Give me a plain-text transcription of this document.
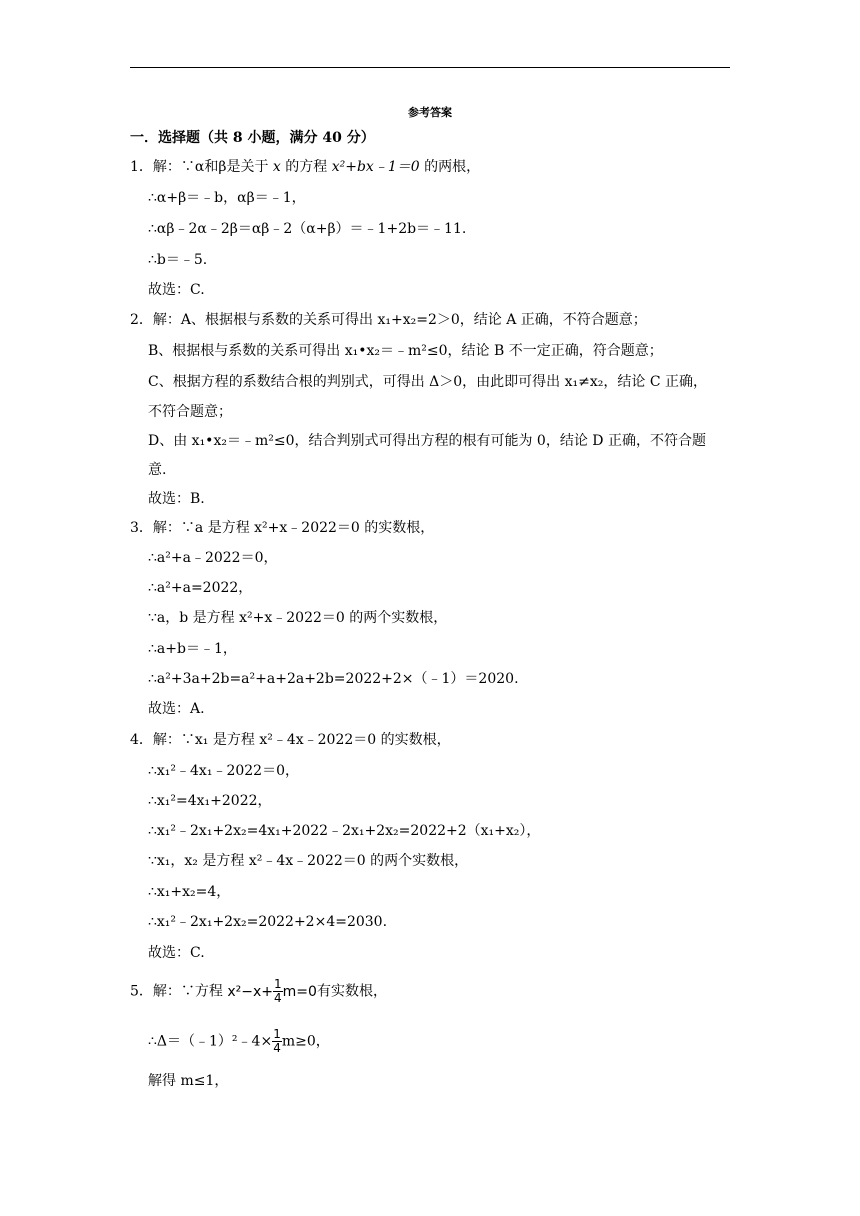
参考答案
一．选择题（共 8 小题，满分 40 分）
1．解：∵α和β是关于 x 的方程 x²+bx﹣1＝0 的两根，
∴α+β＝﹣b，αβ＝﹣1，
∴αβ﹣2α﹣2β＝αβ﹣2（α+β）＝﹣1+2b＝﹣11.
∴b＝﹣5.
故选：C.
2．解：A、根据根与系数的关系可得出 x₁+x₂=2＞0，结论 A 正确，不符合题意；
B、根据根与系数的关系可得出 x₁•x₂＝﹣m²≤0，结论 B 不一定正确，符合题意；
C、根据方程的系数结合根的判别式，可得出 Δ＞0，由此即可得出 x₁≠x₂，结论 C 正确，
不符合题意；
D、由 x₁•x₂＝﹣m²≤0，结合判别式可得出方程的根有可能为 0，结论 D 正确，不符合题
意.
故选：B.
3．解：∵a 是方程 x²+x﹣2022＝0 的实数根，
∴a²+a﹣2022＝0，
∴a²+a=2022，
∵a，b 是方程 x²+x﹣2022＝0 的两个实数根，
∴a+b＝﹣1，
∴a²+3a+2b=a²+a+2a+2b=2022+2×（﹣1）＝2020.
故选：A.
4．解：∵x₁ 是方程 x²﹣4x﹣2022＝0 的实数根，
∴x₁²﹣4x₁﹣2022＝0，
∴x₁²=4x₁+2022，
∴x₁²﹣2x₁+2x₂=4x₁+2022﹣2x₁+2x₂=2022+2（x₁+x₂），
∵x₁，x₂ 是方程 x²﹣4x﹣2022＝0 的两个实数根，
∴x₁+x₂=4，
∴x₁²﹣2x₁+2x₂=2022+2×4=2030.
故选：C.
5．解：∵方程 $x^2-x+ \frac{1}{4} m=0$有实数根，
∴Δ＝（﹣1）²﹣4× $\frac{1}{4} m\ge 0$，
解得 m≤1，
